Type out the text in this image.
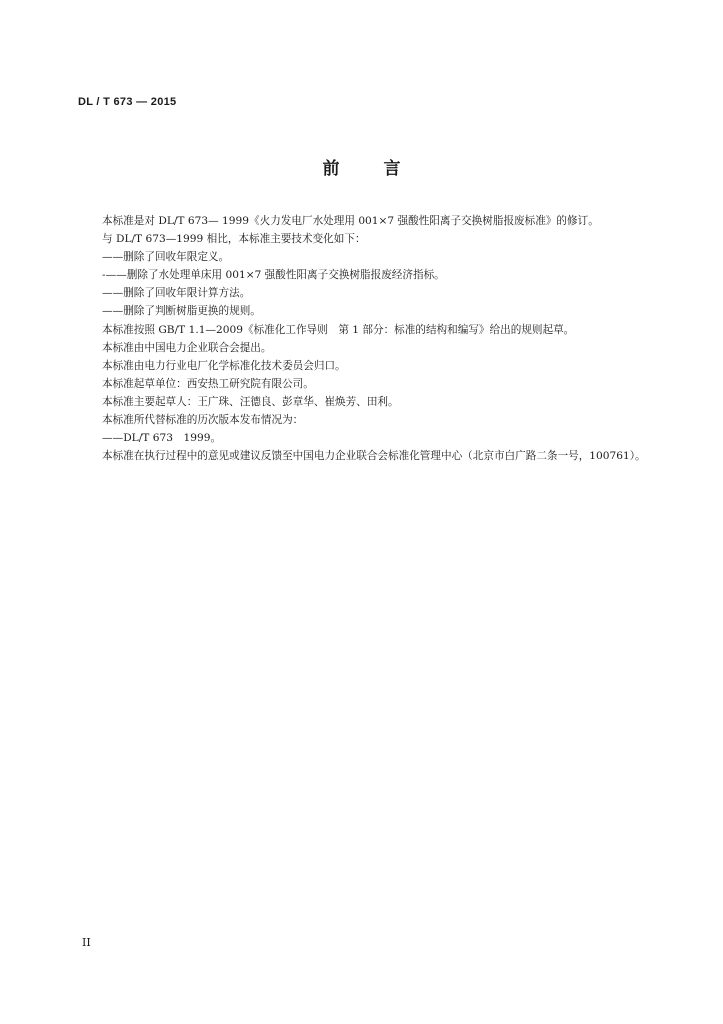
DL / T 673 — 2015
前言

本标准是对 DL/T 673— 1999《火力发电厂水处理用 001×7 强酸性阳离子交换树脂报废标准》的修订。

与 DL/T 673—1999 相比，本标准主要技术变化如下：

——删除了回收年限定义。

-——删除了水处理单床用 001×7 强酸性阳离子交换树脂报废经济指标。

——删除了回收年限计算方法。

——删除了判断树脂更换的规则。

本标准按照 GB/T 1.1—2009《标准化工作导则　第 1 部分：标准的结构和编写》给出的规则起草。

本标准由中国电力企业联合会提出。

本标准由电力行业电厂化学标准化技术委员会归口。

本标准起草单位：西安热工研究院有限公司。

本标准主要起草人：王广珠、汪德良、彭章华、崔焕芳、田利。

本标准所代替标准的历次版本发布情况为：

——DL/T 673　1999。

本标准在执行过程中的意见或建议反馈至中国电力企业联合会标准化管理中心（北京市白广路二条一号，100761）。

II
